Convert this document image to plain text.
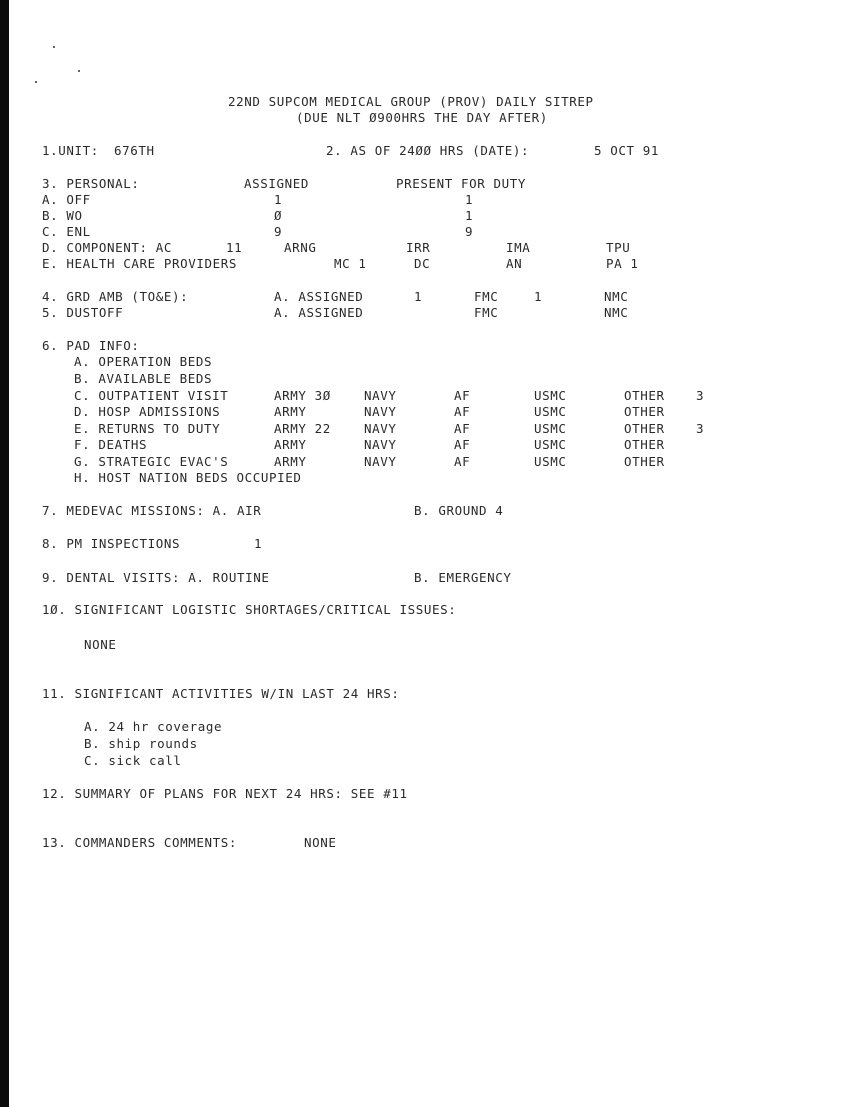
22ND SUPCOM MEDICAL GROUP (PROV) DAILY SITREP
(DUE NLT Ø900HRS THE DAY AFTER)
1.UNIT: 676TH	2. AS OF 24ØØ HRS (DATE):	5 OCT 91
3. PERSONAL:	ASSIGNED	PRESENT FOR DUTY
A. OFF	1	1
B. WO	Ø	1
C. ENL	9	9
D. COMPONENT: AC	11	ARNG	IRR	IMA	TPU
E. HEALTH CARE PROVIDERS	MC 1	DC	AN	PA 1
4. GRD AMB (TO&E):	A. ASSIGNED	1	FMC	1	NMC
5. DUSTOFF	A. ASSIGNED	FMC	NMC
6. PAD INFO:
A. OPERATION BEDS
B. AVAILABLE BEDS
C. OUTPATIENT VISIT	ARMY 3Ø	NAVY	AF	USMC	OTHER	3
D. HOSP ADMISSIONS	ARMY	NAVY	AF	USMC	OTHER
E. RETURNS TO DUTY	ARMY 22	NAVY	AF	USMC	OTHER	3
F. DEATHS	ARMY	NAVY	AF	USMC	OTHER
G. STRATEGIC EVAC'S	ARMY	NAVY	AF	USMC	OTHER
H. HOST NATION BEDS OCCUPIED
7. MEDEVAC MISSIONS: A. AIR	B. GROUND 4
8. PM INSPECTIONS	1
9. DENTAL VISITS: A. ROUTINE	B. EMERGENCY
1Ø. SIGNIFICANT LOGISTIC SHORTAGES/CRITICAL ISSUES:
NONE
11. SIGNIFICANT ACTIVITIES W/IN LAST 24 HRS:
A. 24 hr coverage
B. ship rounds
C. sick call
12. SUMMARY OF PLANS FOR NEXT 24 HRS: SEE #11
13. COMMANDERS COMMENTS:	NONE
